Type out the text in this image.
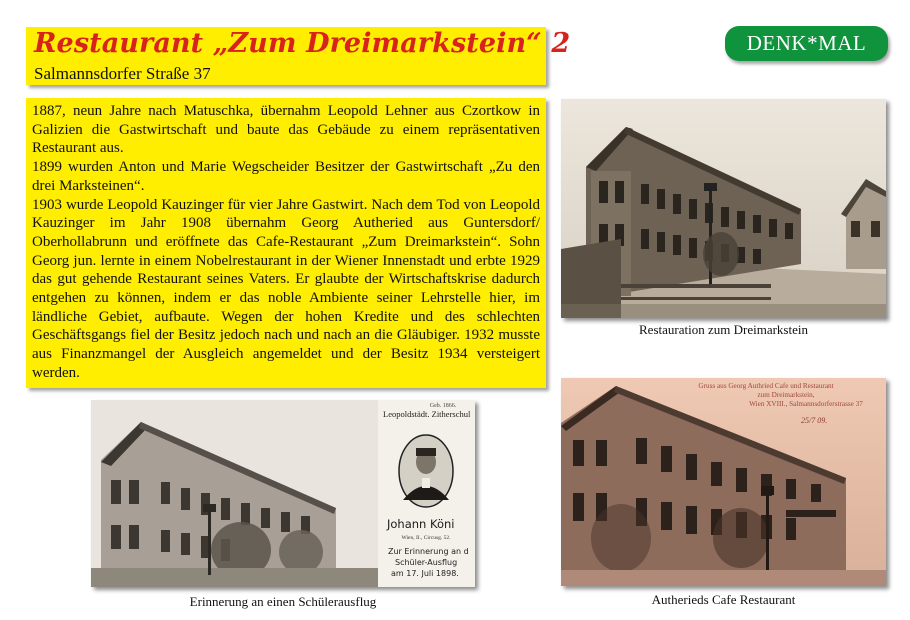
Restaurant „Zum Dreimarkstein“ 2
Salmannsdorfer Straße 37
DENK*MAL
1887, neun Jahre nach Matuschka, übernahm Leopold Lehner aus Czortkow in Galizien die Gastwirtschaft und baute das Gebäude zu einem repräsentativen Restaurant aus.
1899 wurden Anton und Marie Wegscheider Besitzer der Gastwirtschaft „Zu den drei Marksteinen“.
1903 wurde Leopold Kauzinger für vier Jahre Gastwirt. Nach dem Tod von Leopold Kauzinger im Jahr 1908 übernahm Georg Autheried aus Guntersdorf/ Oberhollabrunn und eröffnete das Cafe-Restaurant „Zum Dreimarkstein“. Sohn Georg jun. lernte in einem Nobelrestaurant in der Wiener Innenstadt und erbte 1929 das gut gehende Restaurant seines Vaters. Er glaubte der Wirtschaftskrise dadurch entgehen zu können, indem er das noble Ambiente seiner Lehrstelle hier, im ländliche Gebiet, aufbaute. Wegen der hohen Kredite und des schlechten Geschäftsgangs fiel der Besitz jedoch nach und nach an die Gläubiger. 1932 musste aus Finanzmangel der Ausgleich angemeldet und der Besitz 1934 versteigert werden.
Restauration zum Dreimarkstein
Geb. 1866.
Leopoldstädt. Zitherschul
Johann Köni
Wien, II., Circusg. 52.
Zur Erinnerung an d
Schüler-Ausflug
am 17. Juli 1898.
Erinnerung an einen Schülerausflug
Gruss aus Georg Authried Cafe und Restaurant
zum Dreimarkstein,
Wien XVIII., Salmannsdorferstrasse 37
25/7 09.
Autherieds Cafe Restaurant
